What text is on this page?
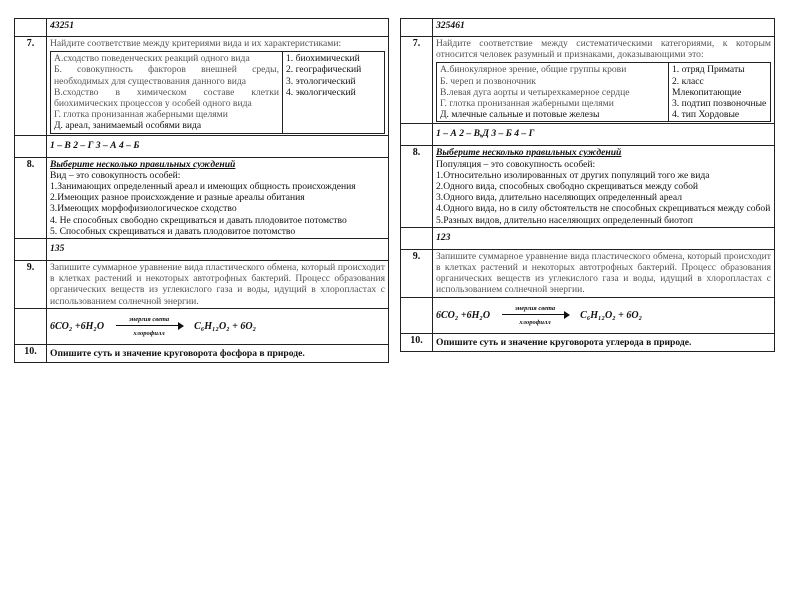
	43251
7.	Найдите соответствие между критериями вида и их характеристиками:
А.сходство поведенческих реакций одного вида
Б. совокупность факторов внешней среды, необходимых для существования данного вида
В.сходство в химическом составе клетки биохимических процессов у особей одного вида
Г. глотка пронизанная жаберными щелями
Д. ареал, занимаемый особями вида

1. биохимический
2. географический
3. этологический
4. экологический

	1 – В 2 – Г 3 – А 4 – Б
8.	Выберите несколько правильных суждений
Вид – это совокупность особей:
1.Занимающих определенный ареал и имеющих общность происхождения
2.Имеющих разное происхождение и разные ареалы обитания
3.Имеющих морфофизиологическое сходство
4. Не способных свободно скрещиваться и давать плодовитое потомство
5. Способных скрещиваться и давать плодовитое потомство

	135
9.	Запишите суммарное уравнение вида пластического обмена, который происходит в клетках растений и некоторых автотрофных бактерий. Процесс образования органических веществ из углекислого газа и воды, идущий в хлоропластах с использованием солнечной энергии.

6CO₂ +6H₂O
энергия света
хлорофилл
C₆H₁₂O₂ + 6O₂

10.	Опишите суть и значение круговорота фосфора в природе.
	325461
7.	Найдите соответствие между систематическими категориями, к которым относится человек разумный и признаками, доказывающими это:
А.бинокулярное зрение, общие группы крови
Б. череп и позвоночник
В.левая дуга аорты и четырехкамерное сердце
Г. глотка пронизанная жаберными щелями
Д. млечные сальные и потовые железы

1. отряд Приматы
2. класс Млекопитающие
3. подтип позвоночные
4. тип Хордовые

	1 – А 2 – В,Д 3 – Б 4 – Г
8.	Выберите несколько правильных суждений
Популяция – это совокупность особей:
1.Относительно изолированных от других популяций того же вида
2.Одного вида, способных свободно скрещиваться между собой
3.Одного вида, длительно населяющих определенный ареал
4.Одного вида, но в силу обстоятельств не способных скрещиваться между собой
5.Разных видов, длительно населяющих определенный биотоп

	123
9.	Запишите суммарное уравнение вида пластического обмена, который происходит в клетках растений и некоторых автотрофных бактерий. Процесс образования органических веществ из углекислого газа и воды, идущий в хлоропластах с использованием солнечной энергии.

6CO₂ +6H₂O
энергия света
хлорофилл
C₆H₁₂O₂ + 6O₂

10.	Опишите суть и значение круговорота углерода в природе.
